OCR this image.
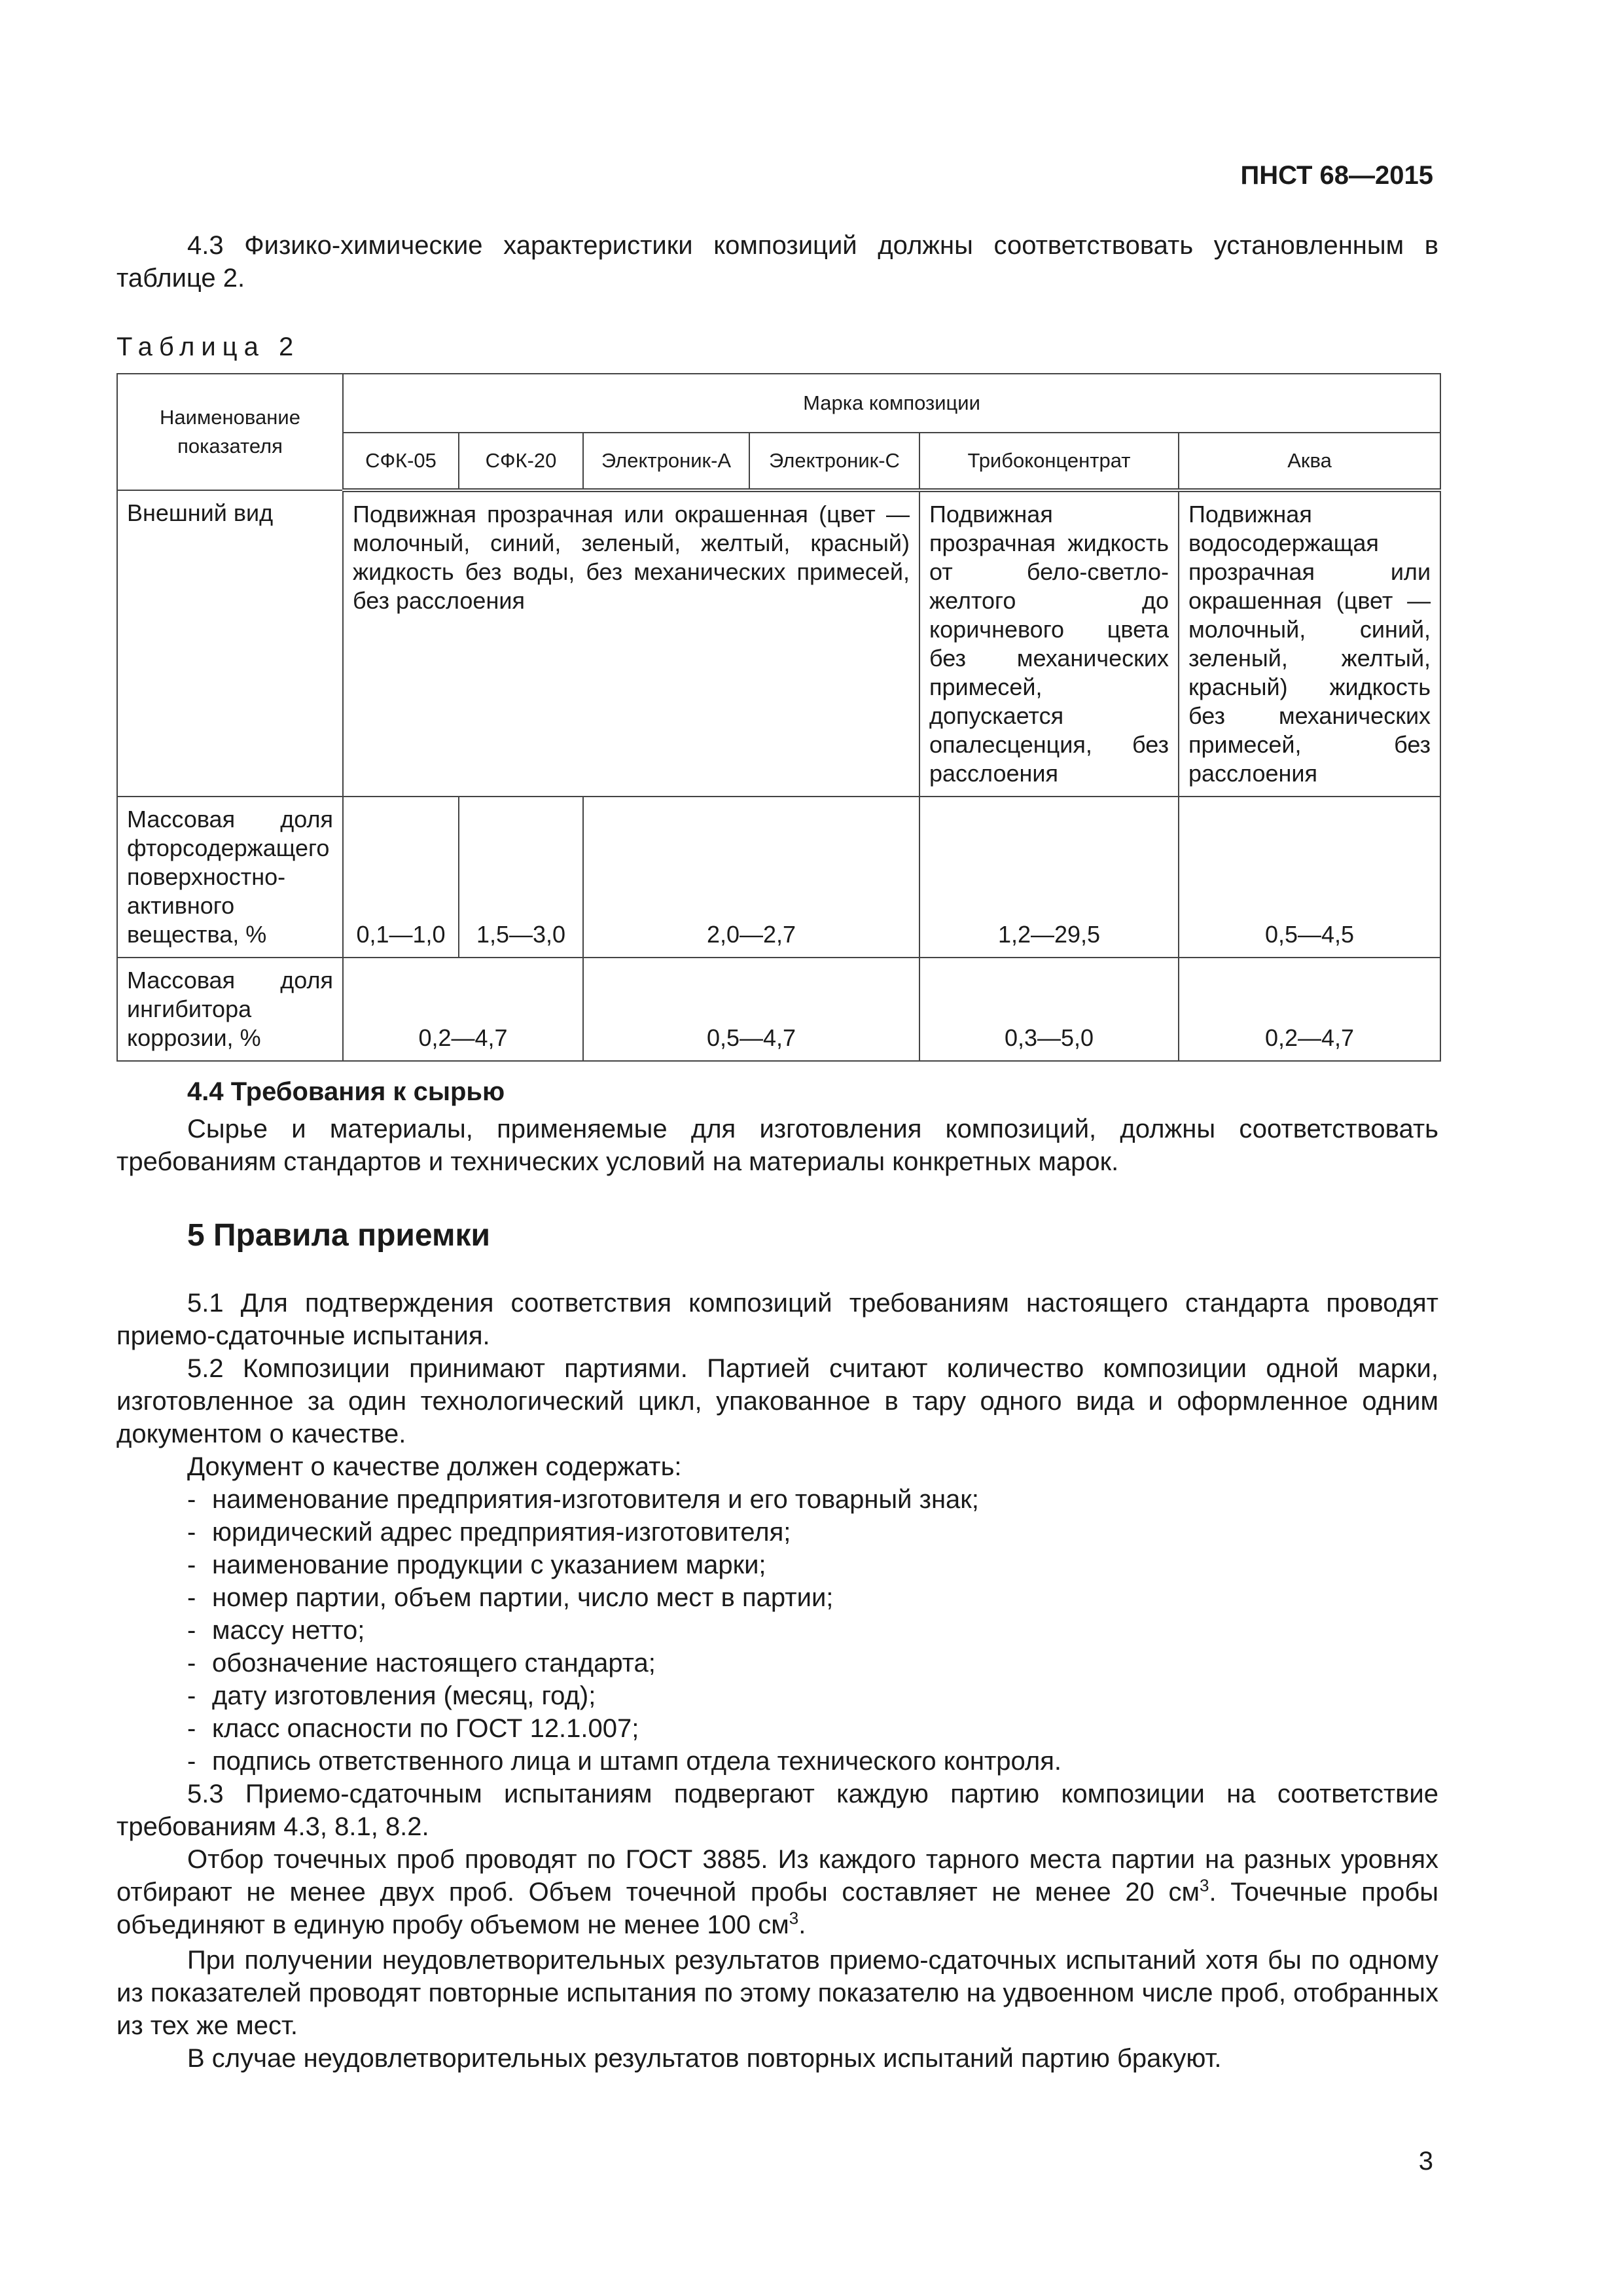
ПНСТ 68—2015
4.3 Физико-химические характеристики композиций должны соответствовать установленным в таблице 2.
Таблица 2
Наименование показателя	Марка композиции					
	СФК-05	СФК-20	Электроник-А	Электроник-С	Трибоконцентрат	Аква
Внешний вид	Подвижная прозрачная или окрашенная (цвет — молочный, синий, зеленый, желтый, красный) жидкость без воды, без механических примесей, без расслоения				Подвижная прозрачная жидкость от бело-светло-желтого до коричневого цвета без механических примесей, допускается опалесценция, без расслоения	Подвижная водосодержащая прозрачная или окрашенная (цвет — молочный, синий, зеленый, желтый, красный) жидкость без механических примесей, без расслоения
Массовая доля фторсодержащего поверхностно-активного вещества, %	0,1—1,0	1,5—3,0	2,0—2,7		1,2—29,5	0,5—4,5
Массовая доля ингибитора коррозии, %	0,2—4,7		0,5—4,7		0,3—5,0	0,2—4,7
4.4 Требования к сырью
Сырье и материалы, применяемые для изготовления композиций, должны соответствовать требованиям стандартов и технических условий на материалы конкретных марок.
5 Правила приемки
5.1 Для подтверждения соответствия композиций требованиям настоящего стандарта проводят приемо-сдаточные испытания.
5.2 Композиции принимают партиями. Партией считают количество композиции одной марки, изготовленное за один технологический цикл, упакованное в тару одного вида и оформленное одним документом о качестве.
Документ о качестве должен содержать:
- наименование предприятия-изготовителя и его товарный знак;
- юридический адрес предприятия-изготовителя;
- наименование продукции с указанием марки;
- номер партии, объем партии, число мест в партии;
- массу нетто;
- обозначение настоящего стандарта;
- дату изготовления (месяц, год);
- класс опасности по ГОСТ 12.1.007;
- подпись ответственного лица и штамп отдела технического контроля.
5.3 Приемо-сдаточным испытаниям подвергают каждую партию композиции на соответствие требованиям 4.3, 8.1, 8.2.
Отбор точечных проб проводят по ГОСТ 3885. Из каждого тарного места партии на разных уровнях отбирают не менее двух проб. Объем точечной пробы составляет не менее 20 $см^3$. Точечные пробы объединяют в единую пробу объемом не менее 100 $см^3$.
При получении неудовлетворительных результатов приемо-сдаточных испытаний хотя бы по одному из показателей проводят повторные испытания по этому показателю на удвоенном числе проб, отобранных из тех же мест.
В случае неудовлетворительных результатов повторных испытаний партию бракуют.
3
